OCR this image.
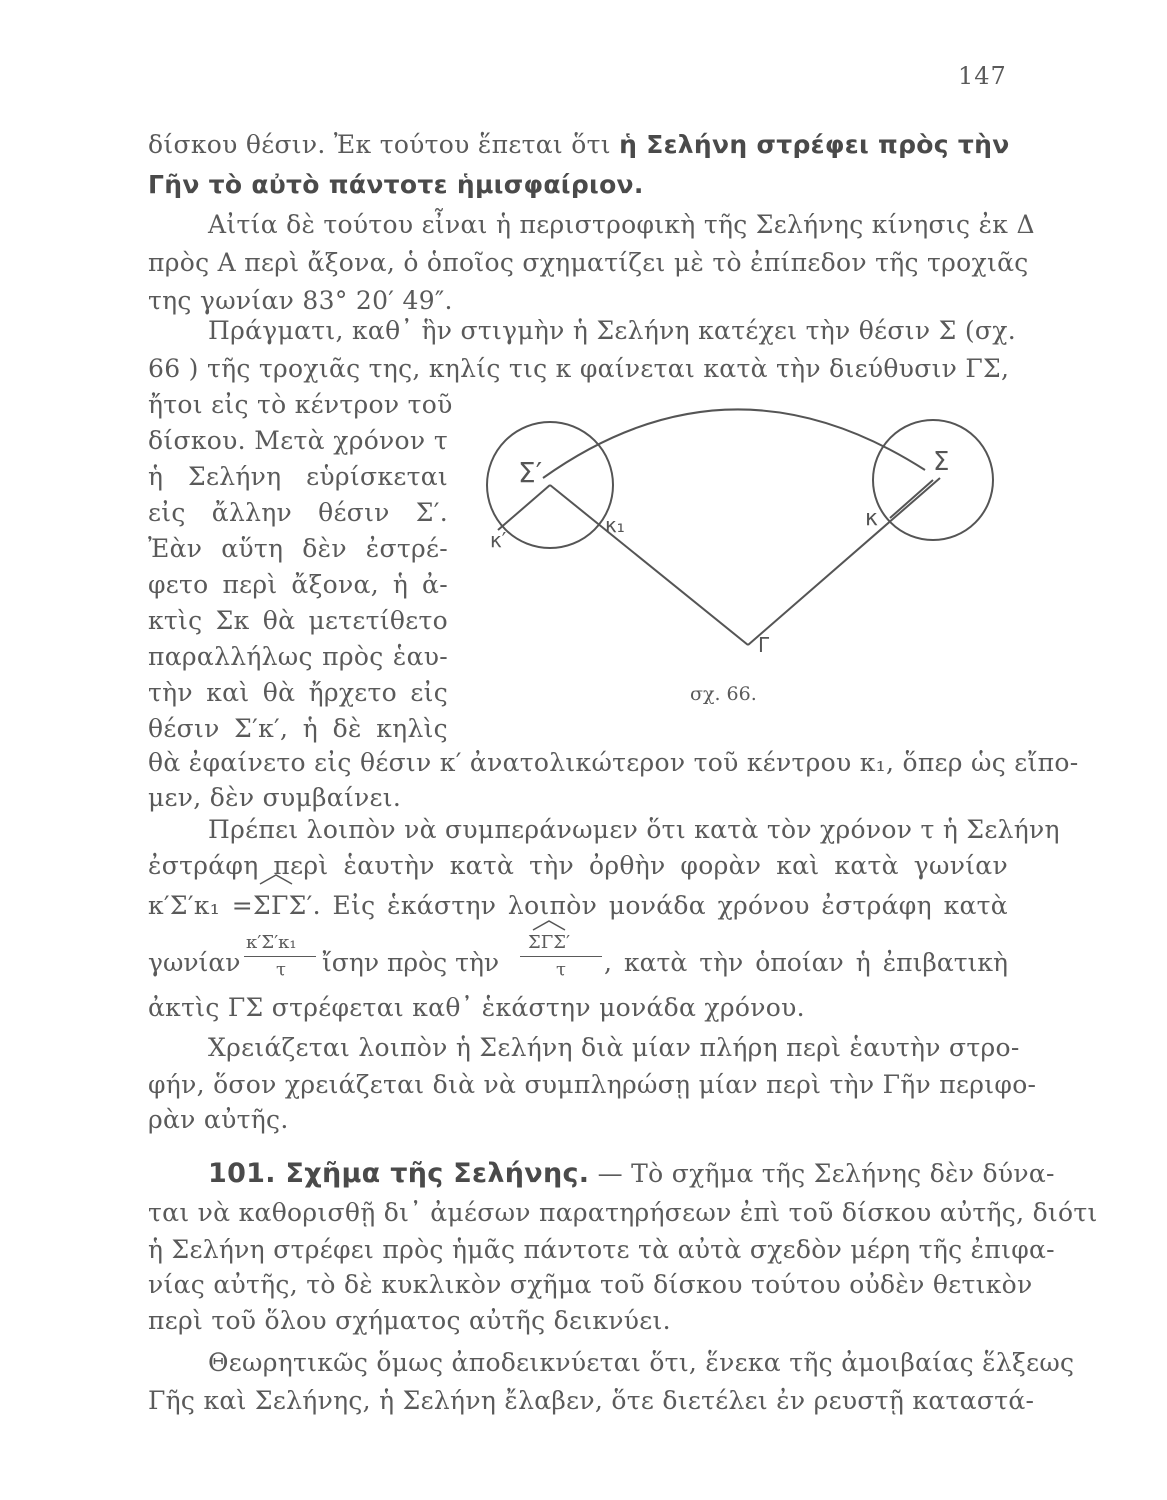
147
δίσκου θέσιν. Ἐκ τούτου ἕπεται ὅτι ἡ Σελήνη στρέφει πρὸς τὴν
Γῆν τὸ αὐτὸ πάντοτε ἡμισφαίριον.
Αἰτία δὲ τούτου εἶναι ἡ περιστροφικὴ τῆς Σελήνης κίνησις ἐκ Δ
πρὸς Α περὶ ἄξονα, ὁ ὁποῖος σχηματίζει μὲ τὸ ἐπίπεδον τῆς τροχιᾶς
της γωνίαν 83° 20′ 49″.
Πράγματι, καθ᾽ ἣν στιγμὴν ἡ Σελήνη κατέχει τὴν θέσιν Σ (σχ.
66 ) τῆς τροχιᾶς της, κηλίς τις κ φαίνεται κατὰ τὴν διεύθυσιν ΓΣ,
ἤτοι εἰς τὸ κέντρον τοῦ
δίσκου. Μετὰ χρόνον τ
ἡ Σελήνη εὑρίσκεται
εἰς ἄλλην θέσιν Σ′.
Ἐὰν αὕτη δὲν ἐστρέ-
φετο περὶ ἄξονα, ἡ ἀ-
κτὶς Σκ θὰ μετετίθετο
παραλλήλως πρὸς ἑαυ-
τὴν καὶ θὰ ἤρχετο εἰς
θέσιν Σ′κ′, ἡ δὲ κηλὶς
θὰ ἐφαίνετο εἰς θέσιν κ′ ἀνατολικώτερον τοῦ κέντρου κ₁, ὅπερ ὡς εἴπο-
μεν, δὲν συμβαίνει.
Σ′	Σ
κ₁	κ
κ′
Γ
σχ. 66.
Πρέπει λοιπὸν νὰ συμπεράνωμεν ὅτι κατὰ τὸν χρόνον τ ἡ Σελήνη
ἐστράφη περὶ ἑαυτὴν κατὰ τὴν ὀρθὴν φορὰν καὶ κατὰ γωνίαν
κ′Σ′κ₁ =ΣΓΣ′. Εἰς ἑκάστην λοιπὸν μονάδα χρόνου ἐστράφη κατὰ
γωνίαν
κ′Σ′κ₁
τ ἴσην πρὸς τὴν
ΣΓΣ′
τ , κατὰ τὴν ὁποίαν ἡ ἐπιβατικὴ
ἀκτὶς ΓΣ στρέφεται καθ᾽ ἑκάστην μονάδα χρόνου.
Χρειάζεται λοιπὸν ἡ Σελήνη διὰ μίαν πλήρη περὶ ἑαυτὴν στρο-
φήν, ὅσον χρειάζεται διὰ νὰ συμπληρώσῃ μίαν περὶ τὴν Γῆν περιφο-
ρὰν αὐτῆς.
101. Σχῆμα τῆς Σελήνης. — Τὸ σχῆμα τῆς Σελήνης δὲν δύνα-
ται νὰ καθορισθῇ δι᾽ ἀμέσων παρατηρήσεων ἐπὶ τοῦ δίσκου αὐτῆς, διότι
ἡ Σελήνη στρέφει πρὸς ἡμᾶς πάντοτε τὰ αὐτὰ σχεδὸν μέρη τῆς ἐπιφα-
νίας αὐτῆς, τὸ δὲ κυκλικὸν σχῆμα τοῦ δίσκου τούτου οὐδὲν θετικὸν
περὶ τοῦ ὅλου σχήματος αὐτῆς δεικνύει.
Θεωρητικῶς ὅμως ἀποδεικνύεται ὅτι, ἕνεκα τῆς ἀμοιβαίας ἕλξεως
Γῆς καὶ Σελήνης, ἡ Σελήνη ἔλαβεν, ὅτε διετέλει ἐν ρευστῇ καταστά-
